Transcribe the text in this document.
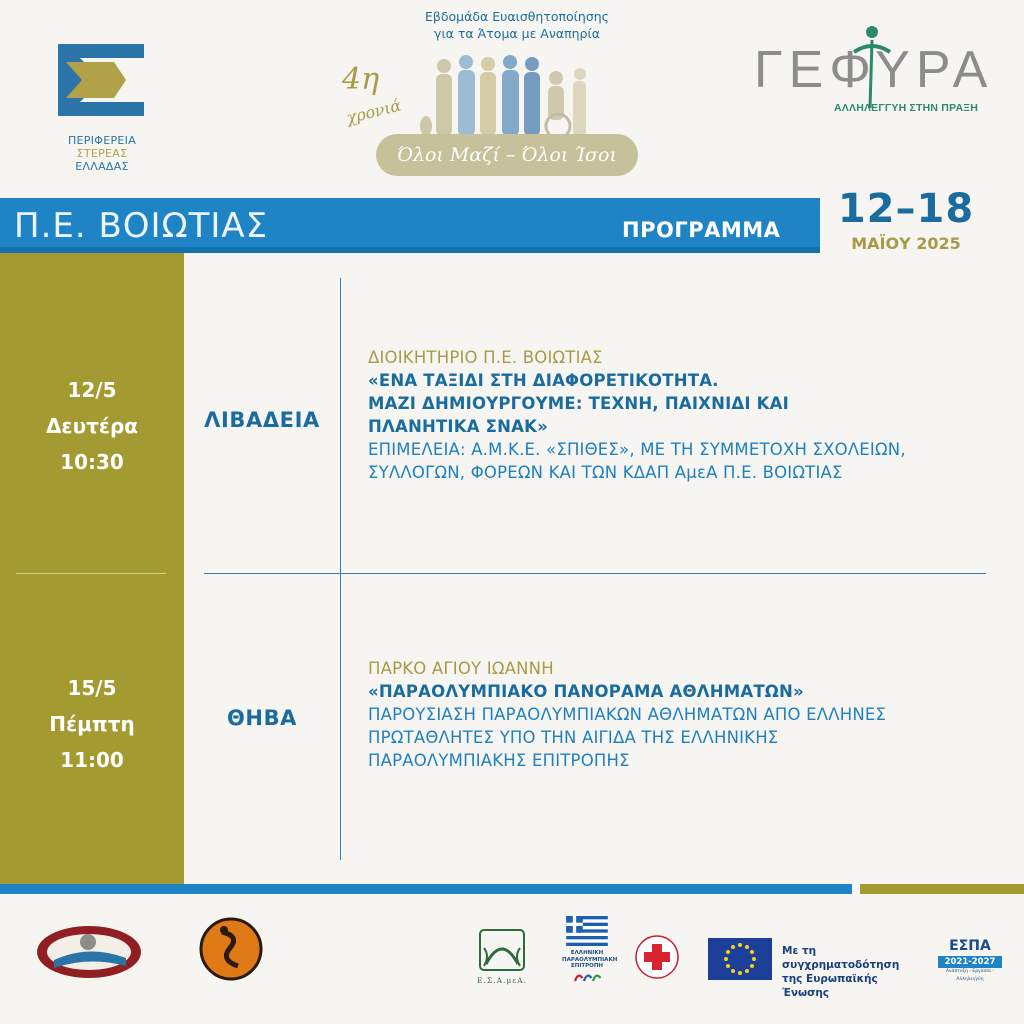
ΠΕΡΙΦΕΡΕΙΑ
ΣΤΕΡΕΑΣ
ΕΛΛΑΔΑΣ
Εβδομάδα Ευαισθητοποίησης
για τα Άτομα με Αναπηρία
4η
χρονιά
Όλοι Μαζί – Όλοι Ίσοι
ΓΕΦΥΡΑ
ΑΛΛΗΛΕΓΓΥΗ ΣΤΗΝ ΠΡΑΞΗ
Π.Ε. ΒΟΙΩΤΙΑΣ	ΠΡΟΓΡΑΜΜΑ 12–18
ΜΑΪΟΥ 2025
12/5
Δευτέρα
10:30
15/5
Πέμπτη
11:00
ΛΙΒΑΔΕΙΑ
ΘΗΒΑ
ΔΙΟΙΚΗΤΗΡΙΟ Π.Ε. ΒΟΙΩΤΙΑΣ
«ΕΝΑ ΤΑΞΙΔΙ ΣΤΗ ΔΙΑΦΟΡΕΤΙΚΟΤΗΤΑ.
ΜΑΖΙ ΔΗΜΙΟΥΡΓΟΥΜΕ: ΤΕΧΝΗ, ΠΑΙΧΝΙΔΙ ΚΑΙ
ΠΛΑΝΗΤΙΚΑ ΣΝΑΚ»
ΕΠΙΜΕΛΕΙΑ: Α.Μ.Κ.Ε. «ΣΠΙΘΕΣ», ΜΕ ΤΗ ΣΥΜΜΕΤΟΧΗ ΣΧΟΛΕΙΩΝ,
ΣΥΛΛΟΓΩΝ, ΦΟΡΕΩΝ ΚΑΙ ΤΩΝ ΚΔΑΠ ΑμεΑ Π.Ε. ΒΟΙΩΤΙΑΣ
ΠΑΡΚΟ ΑΓΙΟΥ ΙΩΑΝΝΗ
«ΠΑΡΑΟΛΥΜΠΙΑΚΟ ΠΑΝΟΡΑΜΑ ΑΘΛΗΜΑΤΩΝ»
ΠΑΡΟΥΣΙΑΣΗ ΠΑΡΑΟΛΥΜΠΙΑΚΩΝ ΑΘΛΗΜΑΤΩΝ ΑΠΟ ΕΛΛΗΝΕΣ
ΠΡΩΤΑΘΛΗΤΕΣ ΥΠΟ ΤΗΝ ΑΙΓΙΔΑ ΤΗΣ ΕΛΛΗΝΙΚΗΣ
ΠΑΡΑΟΛΥΜΠΙΑΚΗΣ ΕΠΙΤΡΟΠΗΣ
Ε.Σ.Α.μεΑ.
ΕΛΛΗΝΙΚΗ
ΠΑΡΑΟΛΥΜΠΙΑΚΗ
ΕΠΙΤΡΟΠΗ
Με τη συγχρηματοδότηση
της Ευρωπαϊκής Ένωσης
ΕΣΠΑ
2021-2027
Ανάπτυξη - Εργασία - Αλληλεγγύη
